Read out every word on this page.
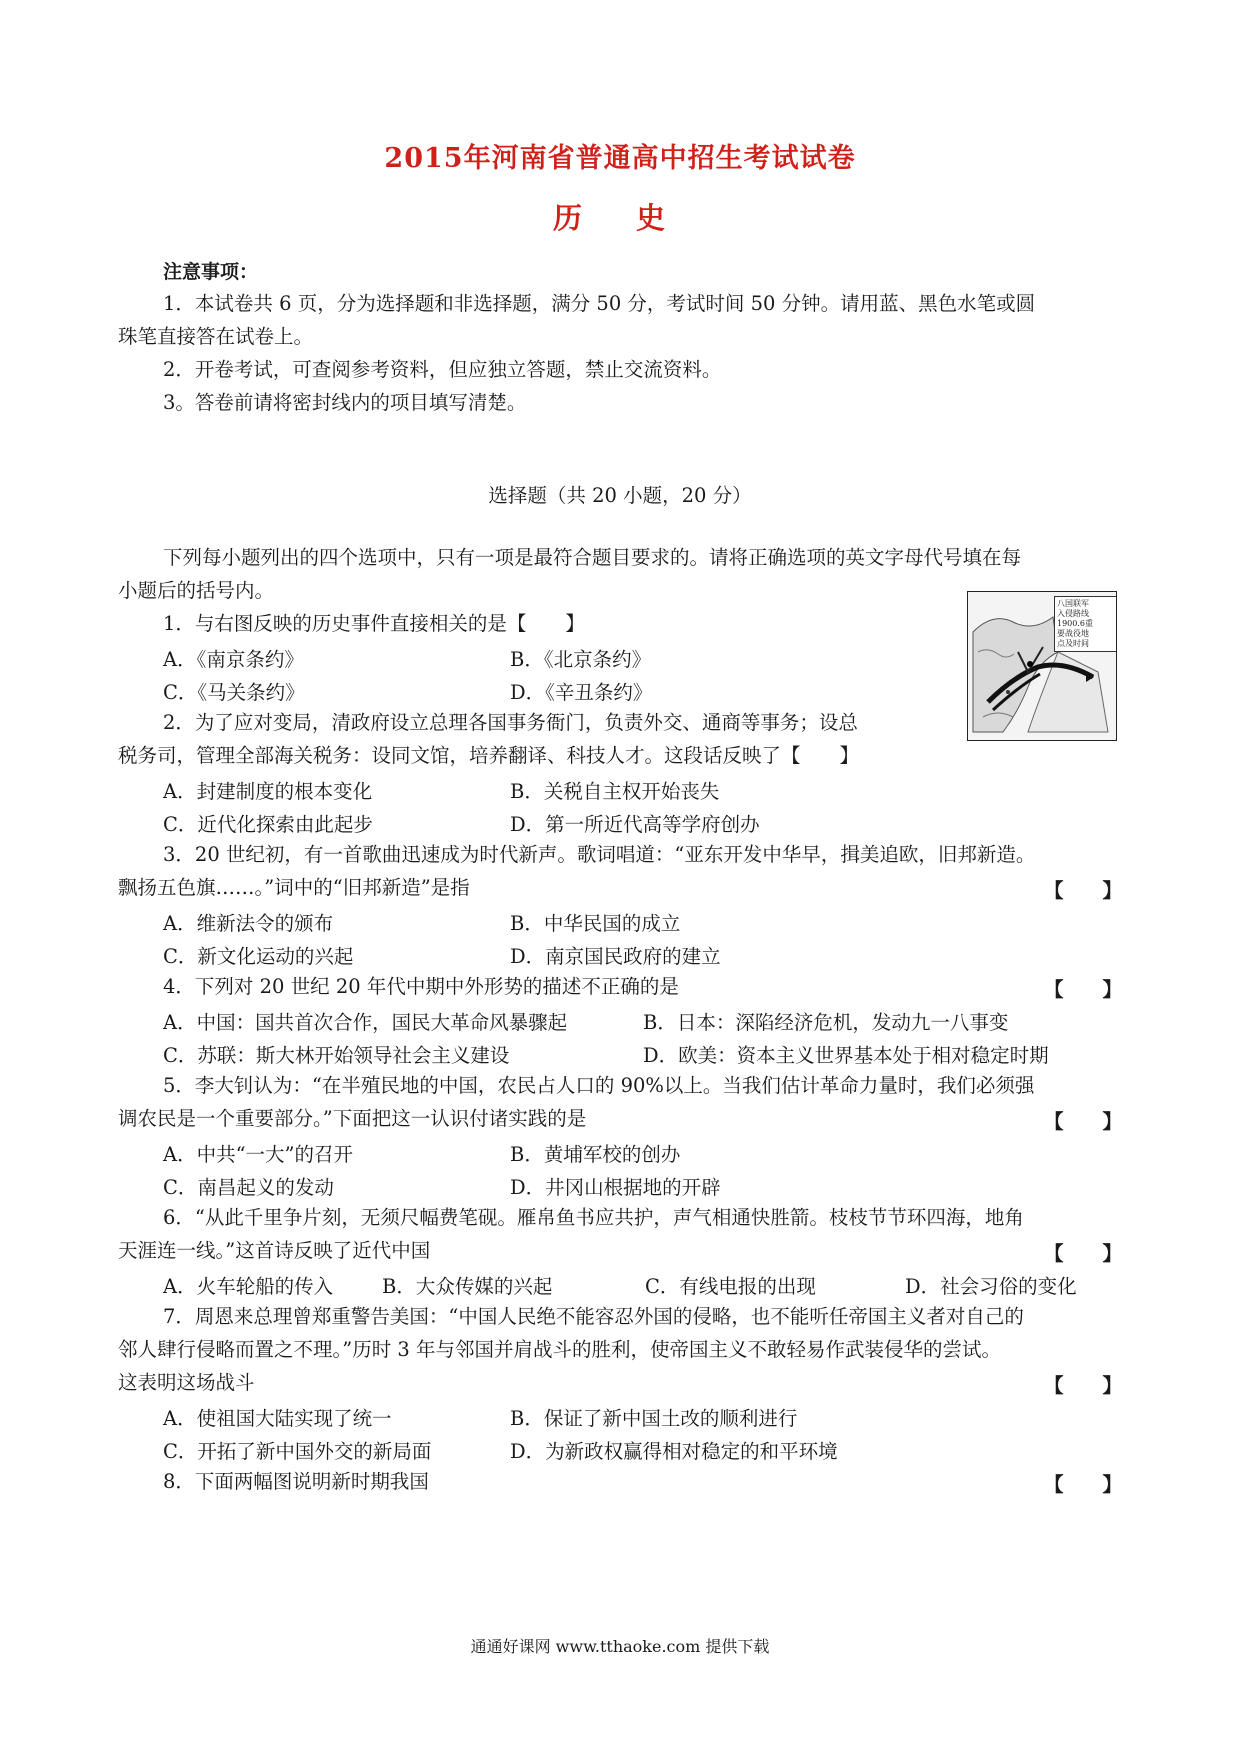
2015年河南省普通高中招生考试试卷
历 史
注意事项：
1．本试卷共 6 页，分为选择题和非选择题，满分 50 分，考试时间 50 分钟。请用蓝、黑色水笔或圆
珠笔直接答在试卷上。
2．开卷考试，可查阅参考资料，但应独立答题，禁止交流资料。
3。答卷前请将密封线内的项目填写清楚。
选择题（共 20 小题，20 分）
下列每小题列出的四个选项中，只有一项是最符合题目要求的。请将正确选项的英文字母代号填在每
小题后的括号内。
八国联军
入侵路线
1900.6重
要战役地
点及时间
1．与右图反映的历史事件直接相关的是【　　】
A．《南京条约》	B．《北京条约》
C．《马关条约》	D．《辛丑条约》
2．为了应对变局，清政府设立总理各国事务衙门，负责外交、通商等事务；设总
税务司，管理全部海关税务：设同文馆，培养翻译、科技人才。这段话反映了【　　】
A．封建制度的根本变化	B．关税自主权开始丧失
C．近代化探索由此起步	D．第一所近代高等学府创办
3．20 世纪初，有一首歌曲迅速成为时代新声。歌词唱道：“亚东开发中华早，揖美追欧，旧邦新造。
飘扬五色旗……。”词中的“旧邦新造”是指	【　　】
A．维新法令的颁布	B．中华民国的成立
C．新文化运动的兴起	D．南京国民政府的建立
4．下列对 20 世纪 20 年代中期中外形势的描述不正确的是	【　　】
A．中国：国共首次合作，国民大革命风暴骤起	B．日本：深陷经济危机，发动九一八事变
C．苏联：斯大林开始领导社会主义建设	D．欧美：资本主义世界基本处于相对稳定时期
5．李大钊认为：“在半殖民地的中国，农民占人口的 90%以上。当我们估计革命力量时，我们必须强
调农民是一个重要部分。”下面把这一认识付诸实践的是	【　　】
A．中共“一大”的召开	B．黄埔军校的创办
C．南昌起义的发动	D．井冈山根据地的开辟
6．“从此千里争片刻，无须尺幅费笔砚。雁帛鱼书应共护，声气相通快胜箭。枝枝节节环四海，地角
天涯连一线。”这首诗反映了近代中国	【　　】
A．火车轮船的传入	B．大众传媒的兴起	C．有线电报的出现	D．社会习俗的变化
7．周恩来总理曾郑重警告美国：“中国人民绝不能容忍外国的侵略，也不能听任帝国主义者对自己的
邻人肆行侵略而置之不理。”历时 3 年与邻国并肩战斗的胜利，使帝国主义不敢轻易作武装侵华的尝试。
这表明这场战斗	【　　】
A．使祖国大陆实现了统一	B．保证了新中国土改的顺利进行
C．开拓了新中国外交的新局面	D．为新政权赢得相对稳定的和平环境
8．下面两幅图说明新时期我国	【　　】
通通好课网 www.tthaoke.com 提供下载
